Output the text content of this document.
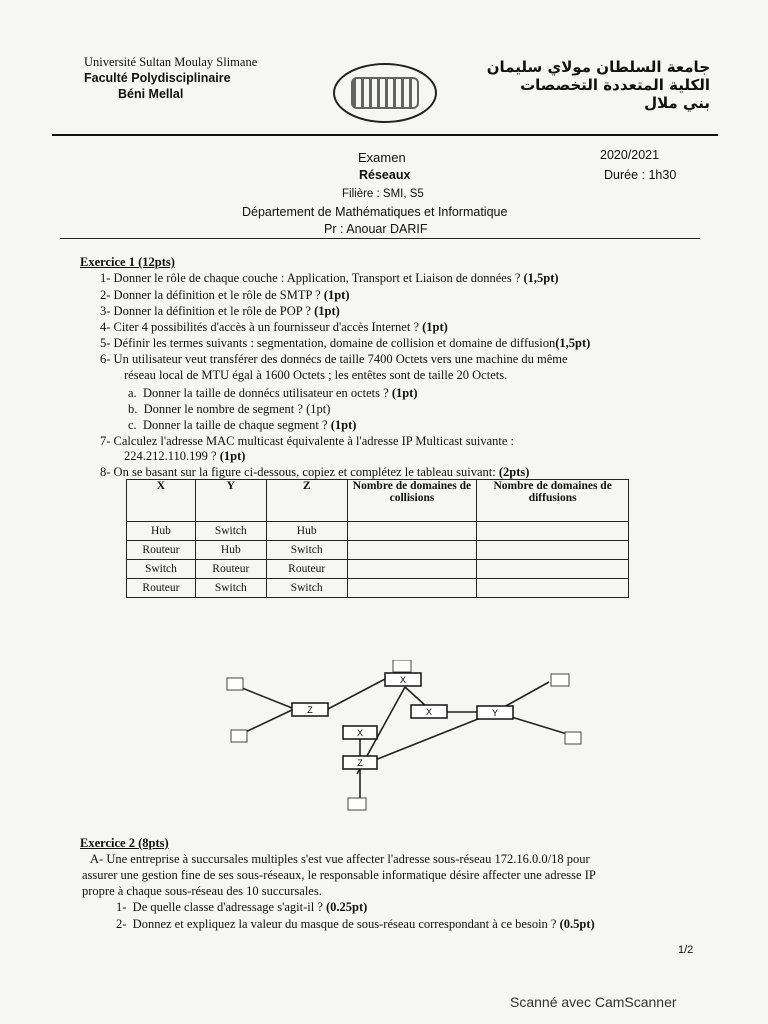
Université Sultan Moulay Slimane
Faculté Polydisciplinaire
Béni Mellal
جامعة السلطان مولاي سليمان
الكلية المتعددة التخصصات
بني ملال
Examen
Réseaux
Filière : SMI, S5
Département de Mathématiques et Informatique
Pr : Anouar DARIF
2020/2021
Durée : 1h30
Exercice 1 (12pts)
1- Donner le rôle de chaque couche : Application, Transport et Liaison de données ? (1,5pt)
2- Donner la définition et le rôle de SMTP ? (1pt)
3- Donner la définition et le rôle de POP ? (1pt)
4- Citer 4 possibilités d'accès à un fournisseur d'accès Internet ? (1pt)
5- Définir les termes suivants : segmentation, domaine de collision et domaine de diffusion(1,5pt)
6- Un utilisateur veut transférer des donnécs de taille 7400 Octets vers une machine du même
réseau local de MTU égal à 1600 Octets ; les entêtes sont de taille 20 Octets.
a. Donner la taille de donnécs utilisateur en octets ? (1pt)
b. Donner le nombre de segment ? (1pt)
c. Donner la taille de chaque segment ? (1pt)
7- Calculez l'adresse MAC multicast équivalente à l'adresse IP Multicast suivante :
224.212.110.199 ? (1pt)
8- On se basant sur la figure ci-dessous, copiez et complétez le tableau suivant: (2pts)
X	Y	Z	Nombre de domaines de collisions	Nombre de domaines de diffusions
Hub	Switch	Hub		
Routeur	Hub	Switch		
Switch	Routeur	Routeur		
Routeur	Switch	Switch		
Z
X
X	Y
X
Z
Exercice 2 (8pts)
A- Une entreprise à succursales multiples s'est vue affecter l'adresse sous-réseau 172.16.0.0/18 pour
assurer une gestion fine de ses sous-réseaux, le responsable informatique désire affecter une adresse IP
propre à chaque sous-réseau des 10 succursales.
1- De quelle classe d'adressage s'agit-il ? (0.25pt)
2- Donnez et expliquez la valeur du masque de sous-réseau correspondant à ce besoin ? (0.5pt)
1/2
Scanné avec CamScanner
